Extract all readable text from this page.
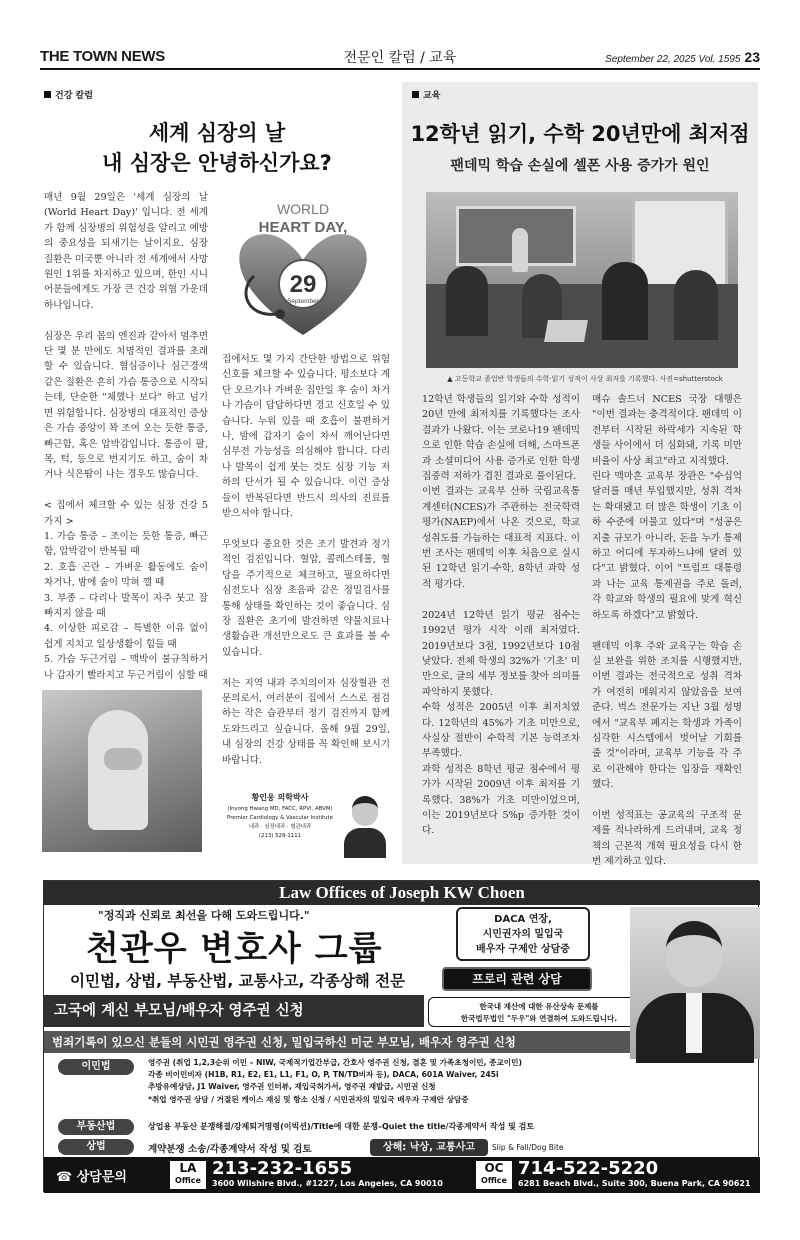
THE TOWN NEWS	전문인 칼럼 / 교육	September 22, 2025 Vol. 1595 23
건강 칼럼
세계 심장의 날
내 심장은 안녕하신가요?
WORLD
HEART DAY,
29
September
매년 9월 29일은 '세계 심장의 날(World Heart Day)' 입니다. 전 세계가 함께 심장병의 위험성을 알리고 예방의 중요성을 되새기는 날이지요. 심장 질환은 미국뿐 아니라 전 세계에서 사망 원인 1위를 차지하고 있으며, 한인 시니어분들에게도 가장 큰 건강 위협 가운데 하나입니다.

심장은 우리 몸의 엔진과 같아서 멈추면 단 몇 분 만에도 치명적인 결과를 초래할 수 있습니다. 협심증이나 심근경색 같은 질환은 흔히 가슴 통증으로 시작되는데, 단순한 "체했나 보다" 하고 넘기면 위험합니다. 심장병의 대표적인 증상은 가슴 중앙이 꽉 조여 오는 듯한 통증, 빠근함, 혹은 압박감입니다. 통증이 팔, 목, 턱, 등으로 번지기도 하고, 숨이 차거나 식은땀이 나는 경우도 많습니다.

< 집에서 체크할 수 있는 심장 건강 5가지 >
1. 가슴 통증 – 조이는 듯한 통증, 빠근함, 압박감이 반복될 때
2. 호흡 곤란 – 가벼운 활동에도 숨이 차거나, 밤에 숨이 막혀 깰 때
3. 부종 – 다리나 발목이 자주 붓고 잘 빠지지 않을 때
4. 이상한 피로감 – 특별한 이유 없이 쉽게 지치고 일상생활이 힘들 때
5. 가슴 두근거림 – 맥박이 불규칙하거나 갑자기 빨라지고 두근거림이 심할 때
집에서도 몇 가지 간단한 방법으로 위험 신호를 체크할 수 있습니다. 평소보다 계단 오르기나 가벼운 집안일 후 숨이 차거나 가슴이 답답하다면 경고 신호일 수 있습니다. 누워 있을 때 호흡이 불편하거나, 밤에 갑자기 숨이 차서 깨어난다면 심부전 가능성을 의심해야 합니다. 다리나 발목이 쉽게 붓는 것도 심장 기능 저하의 단서가 될 수 있습니다. 이런 증상들이 반복된다면 반드시 의사의 진료를 받으셔야 합니다.

무엇보다 중요한 것은 조기 발견과 정기적인 검진입니다. 혈압, 콜레스테롤, 혈당을 주기적으로 체크하고, 필요하다면 심전도나 심장 초음파 같은 정밀검사를 통해 상태를 확인하는 것이 좋습니다. 심장 질환은 초기에 발견하면 약물치료나 생활습관 개선만으로도 큰 효과를 볼 수 있습니다.

저는 지역 내과 주치의이자 심장혈관 전문의로서, 여러분이 집에서 스스로 점검하는 작은 습관부터 정기 검진까지 함께 도와드리고 싶습니다. 올해 9월 29일, 내 심장의 건강 상태를 꼭 확인해 보시기 바랍니다.
황인웅 의학박사
(Inyong Hwang MD, FACC, RPVI, ABVM)
Premier Cardiology & Vascular Institute
내과 · 심장내과 · 혈관내과
(213) 528-1111
교육
12학년 읽기, 수학 20년만에 최저점
팬데믹 학습 손실에 셀폰 사용 증가가 원인
▲ 고등학교 졸업반 학생들의 수학·읽기 성적이 사상 최저를 기록했다. 사진=shutterstock
12학년 학생들의 읽기와 수학 성적이 20년 만에 최저치를 기록했다는 조사 결과가 나왔다. 이는 코로나19 팬데믹으로 인한 학습 손실에 더해, 스마트폰과 소셜미디어 사용 증가로 인한 학생 집중력 저하가 겹친 결과로 풀이된다.
이번 결과는 교육부 산하 국립교육통계센터(NCES)가 주관하는 전국학력평가(NAEP)에서 나온 것으로, 학교 성취도를 가늠하는 대표적 지표다. 이번 조사는 팬데믹 이후 처음으로 실시된 12학년 읽기·수학, 8학년 과학 성적 평가다.

2024년 12학년 읽기 평균 점수는 1992년 평가 시작 이래 최저였다. 2019년보다 3점, 1992년보다 10점 낮았다. 전체 학생의 32%가 '기초' 미만으로, 글의 세부 정보를 찾아 의미를 파악하지 못했다.
수학 성적은 2005년 이후 최저치였다. 12학년의 45%가 기초 미만으로, 사실상 절반이 수학적 기본 능력조차 부족했다.
과학 성적은 8학년 평균 점수에서 평가가 시작된 2009년 이후 최저를 기록했다. 38%가 기초 미만이었으며, 이는 2019년보다 5%p 증가한 것이다.
매슈 솔드너 NCES 국장 대행은 "이번 결과는 충격적이다. 팬데믹 이전부터 시작된 하락세가 지속된 학생들 사이에서 더 심화돼, 기록 미만 비율이 사상 최고"라고 지적했다.
린다 맥마흔 교육부 장관은 "수십억 달러를 매년 투입했지만, 성취 격차는 확대됐고 더 많은 학생이 기초 이하 수준에 머물고 있다"며 "성공은 지출 규모가 아니라, 돈을 누가 통제하고 어디에 투자하느냐에 달려 있다"고 밝혔다. 이어 "트럼프 대통령과 나는 교육 통제권을 주로 돌려, 각 학교와 학생의 필요에 맞게 혁신하도록 하겠다"고 밝혔다.

팬데믹 이후 주와 교육구는 학습 손실 보완을 위한 조치를 시행했지만, 이번 결과는 전국적으로 성취 격차가 여전히 메워지지 않았음을 보여준다. 벅스 전문가는 지난 3월 성명에서 "교육부 폐지는 학생과 가족이 심각한 시스템에서 벗어날 기회를 줄 것"이라며, 교육부 기능을 각 주로 이관해야 한다는 입장을 재확인했다.

이번 성적표는 공교육의 구조적 문제를 적나라하게 드러내며, 교육 정책의 근본적 개혁 필요성을 다시 한번 제기하고 있다.
Law Offices of Joseph KW Choen
"정직과 신뢰로 최선을 다해 도와드립니다."
천관우 변호사 그룹
이민법, 상법, 부동산법, 교통사고, 각종상해 전문
DACA 연장,
시민권자의 밀입국
배우자 구제안 상담중
프로리 관련 상담
고국에 계신 부모님/배우자 영주권 신청	한국내 재산에 대한 유산상속 문제를
한국법무법인 "두우"와 연결하여 도와드립니다.
범죄기록이 있으신 분들의 시민권 영주권 신청, 밀입국하신 미군 부모님, 배우자 영주권 신청
이민법	영주권 (취업 1,2,3순위 이민 – NIW, 국제적기업간부급, 간호사 영주권 신청, 결혼 및 가족초청이민, 종교이민)
각종 비이민비자 (H1B, R1, E2, E1, L1, F1, O, P, TN/TD비자 등), DACA, 601A Waiver, 245i
추방유예상담, J1 Waiver, 영주권 인터뷰, 재입국허가서, 영주권 재발급, 시민권 신청
*취업 영주권 상담 / 거절된 케이스 재심 및 항소 신청 / 시민권자의 밀입국 배우자 구제안 상담중
부동산법	상업용 부동산 분쟁해결/강제퇴거명령(이빅션)/Title에 대한 분쟁–Quiet the title/각종계약서 작성 및 검토
상법	계약분쟁 소송/각종계약서 작성 및 검토	상해: 낙상, 교통사고	Slip & Fall/Dog Bite
천관우 변호사
서울고·연세대·법학박사
가주 변호사 협회 정회원
이민 변호사 협회 정회원
josephlaw1224@gmail.com
https://sopha781.wixsite.com/website-000
☎ 상담문의
LA
Office
213-232-1655
3600 Wilshire Blvd., #1227, Los Angeles, CA 90010
OC
Office
714-522-5220
6281 Beach Blvd., Suite 300, Buena Park, CA 90621
